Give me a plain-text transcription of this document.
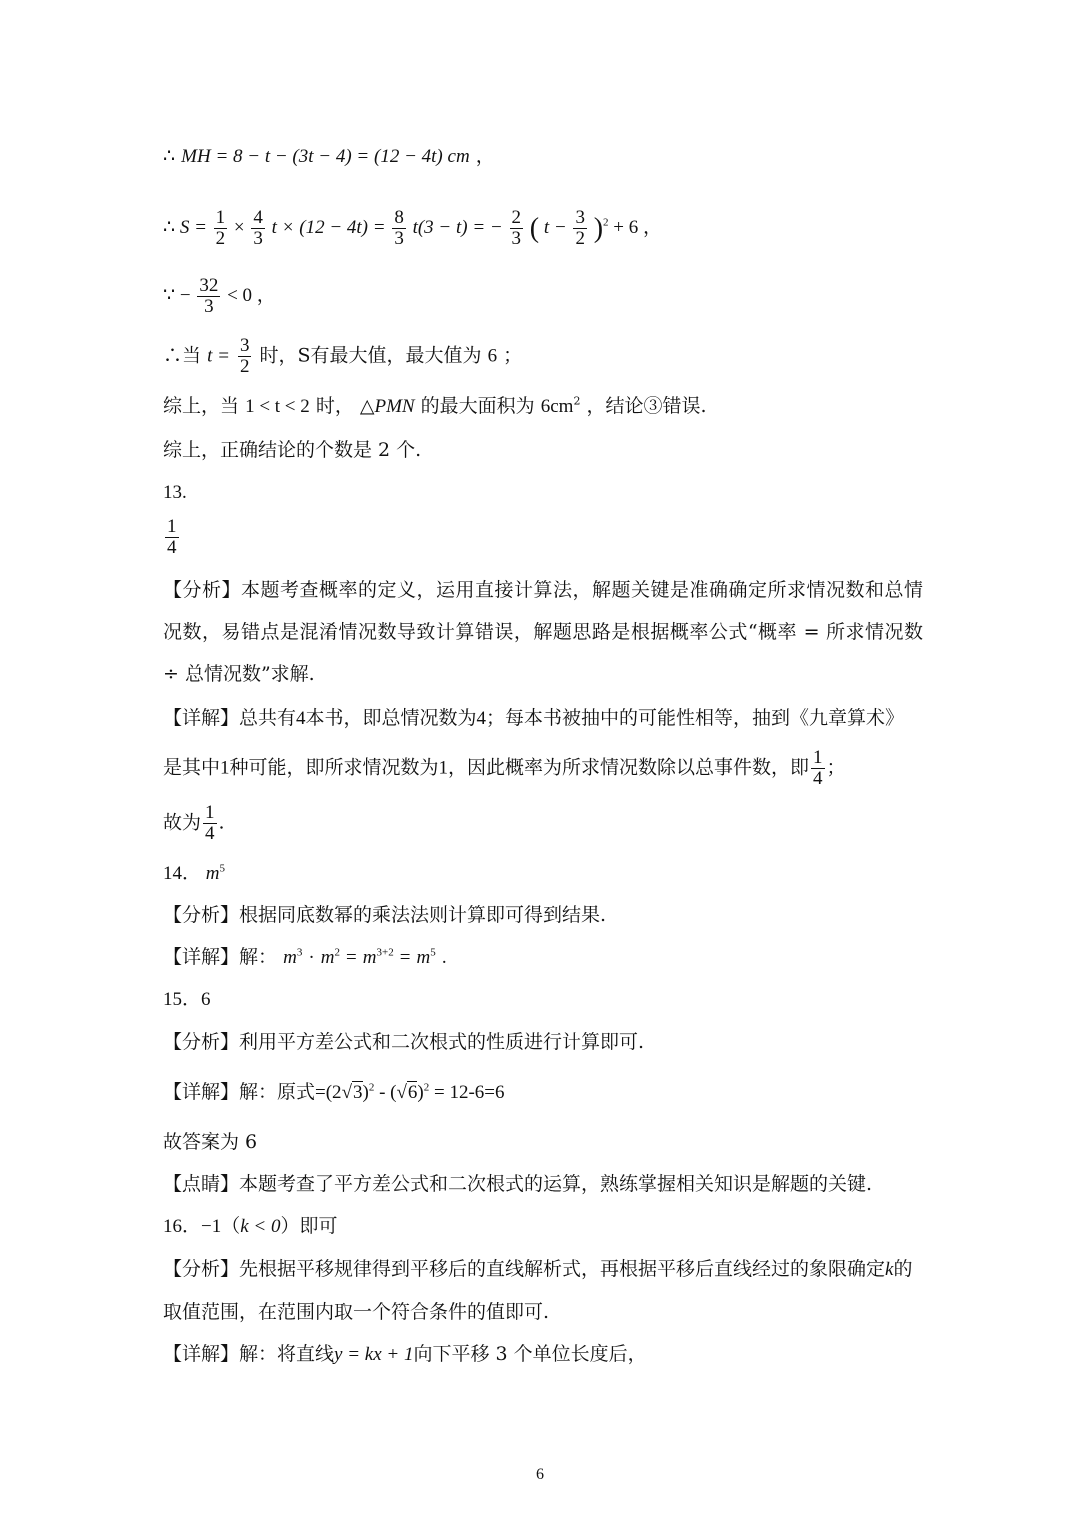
∴ MH = 8 − t − (3t − 4) = (12 − 4t) cm ，
∴ $S = \frac{1}{2} \times \frac{4}{3}$ $t \times (12 - 4t) = \frac{8}{3} t(3 - t)$ = − $\frac{2}{3}$ ( $t - \frac{3}{2} )^2 + 6$ ，
∵ − $\frac{32}{3} < 0$ ，
∴当 $t = \frac{3}{2}$ 时，S有最大值，最大值为 6 ；
综上，当 1 < t < 2 时， △PMN 的最大面积为 $6cm^2$ ，结论③错误.
综上，正确结论的个数是 2 个.
13.
$\frac{1}{4}$
【分析】本题考查概率的定义，运用直接计算法，解题关键是准确确定所求情况数和总情况数，易错点是混淆情况数导致计算错误，解题思路是根据概率公式“概率 = 所求情况数 ÷ 总情况数”求解.
【详解】总共有4本书，即总情况数为4；每本书被抽中的可能性相等，抽到《九章算术》
是其中1种可能，即所求情况数为1，因此概率为所求情况数除以总事件数，即 $\frac{1}{4}$ ；
故为 $\frac{1}{4}$ .
14． $m^5$
【分析】根据同底数幂的乘法法则计算即可得到结果.
【详解】解： $m^3 \cdot m^2 = m^{3+2} = m^5$ .
15．6
【分析】利用平方差公式和二次根式的性质进行计算即可.
【详解】解：原式$=(2√3)^2 - (√6)^2 = 12-6=6$
故答案为 6
【点睛】本题考查了平方差公式和二次根式的运算，熟练掌握相关知识是解题的关键.
16．−1（k < 0）即可
【分析】先根据平移规律得到平移后的直线解析式，再根据平移后直线经过的象限确定k的
取值范围，在范围内取一个符合条件的值即可.
【详解】解：将直线y = kx + 1向下平移 3 个单位长度后，
6
